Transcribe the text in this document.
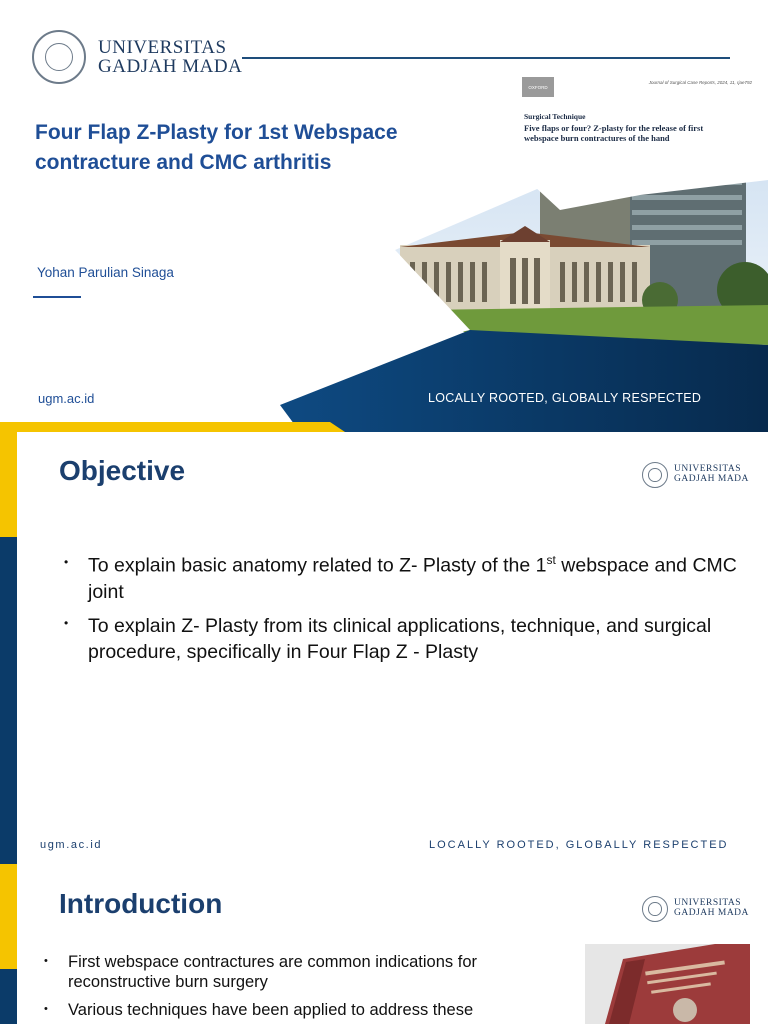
UNIVERSITAS
GADJAH MADA
OXFORD
Journal of Surgical Case Reports, 2024, 11, rjae792
Surgical Technique
Five flaps or four? Z-plasty for the release of first webspace burn contractures of the hand
Four Flap Z-Plasty for 1st Webspace contracture and CMC arthritis
Yohan Parulian Sinaga
ugm.ac.id	LOCALLY ROOTED, GLOBALLY RESPECTED
UNIVERSITAS
GADJAH MADA
Objective
• To explain basic anatomy related to Z- Plasty of the 1st webspace and CMC joint
• To explain Z- Plasty from its clinical applications, technique, and surgical procedure, specifically in Four Flap Z - Plasty
ugm.ac.id	LOCALLY ROOTED, GLOBALLY RESPECTED
UNIVERSITAS
GADJAH MADA
Introduction
• First webspace contractures are common indications for reconstructive burn surgery
• Various techniques have been applied to address these
